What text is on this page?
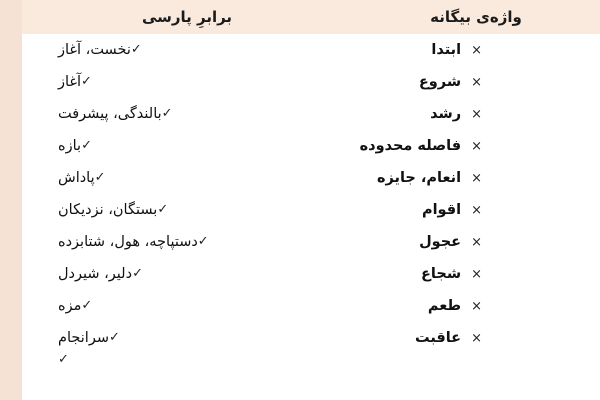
واژه‌ی بیگانه
برابرِ پارسی
×
ابتدا
✓
نخست، آغاز
×
شروع
✓
آغاز
×
رشد
✓
بالندگی، پیشرفت
×
فاصله محدوده
✓
بازه
×
انعام، جایزه
✓
پاداش
×
اقوام
✓
بستگان، نزدیکان
×
عجول
✓
دستپاچه، هول، شتابزده
×
شجاع
✓
دلیر، شیردل
×
طعم
✓
مزه
×
عاقبت
✓
سرانجام
✓
